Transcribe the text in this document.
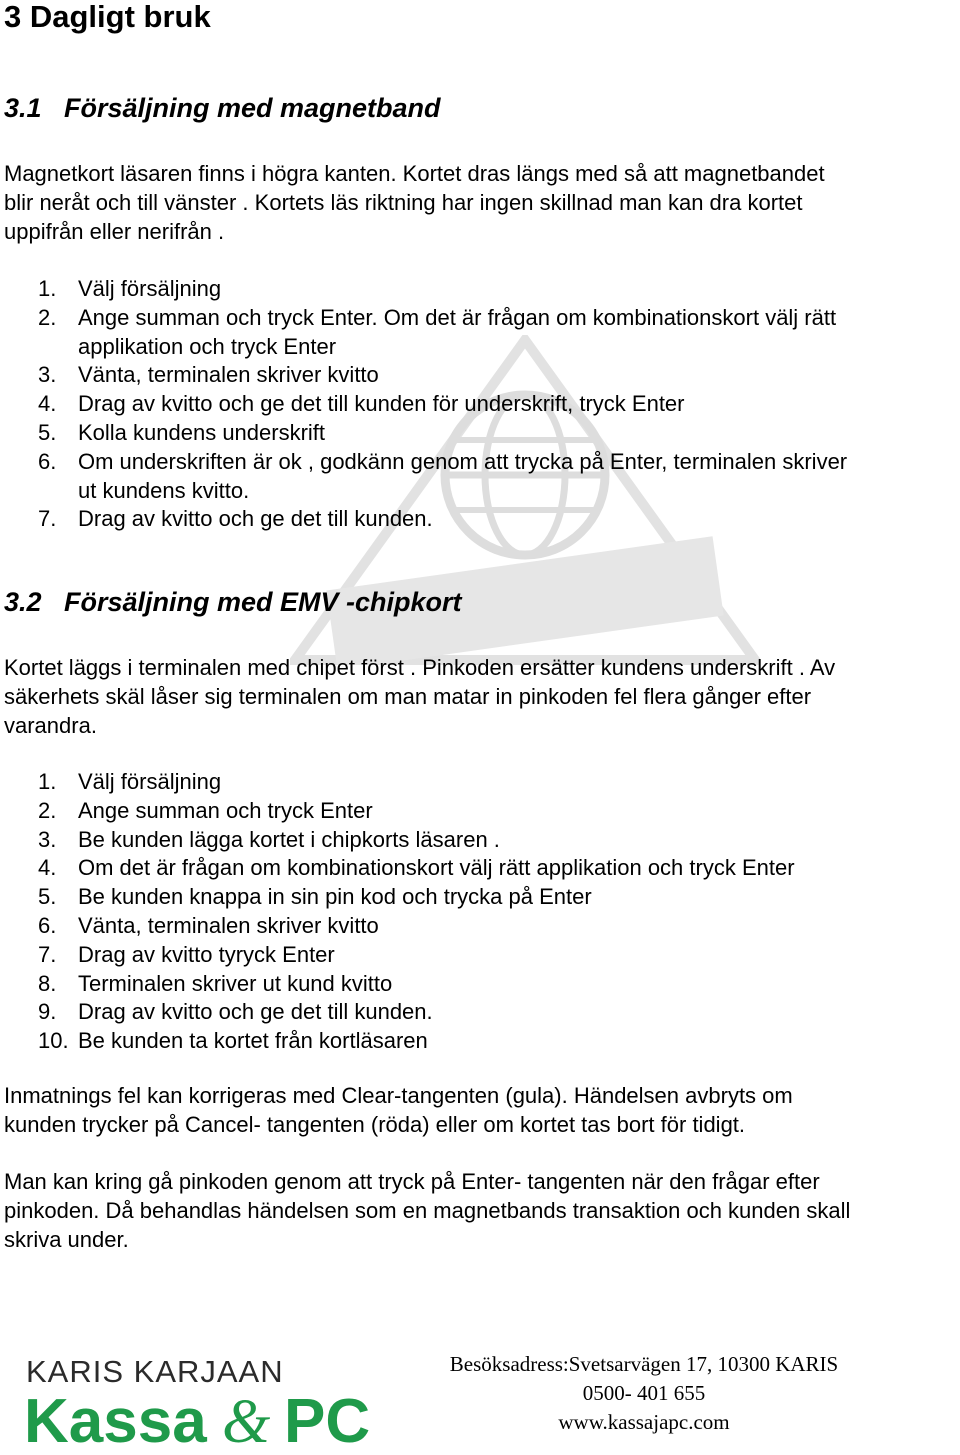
3 Dagligt bruk
3.1 Försäljning med magnetband

Magnetkort läsaren finns i högra kanten. Kortet dras längs med så att magnetbandet
blir neråt och till vänster . Kortets läs riktning har ingen skillnad man kan dra kortet
uppifrån eller nerifrån .

1. Välj försäljning
2. Ange summan och tryck Enter. Om det är frågan om kombinationskort välj rätt
applikation och tryck Enter
3. Vänta, terminalen skriver kvitto
4. Drag av kvitto och ge det till kunden för underskrift, tryck Enter
5. Kolla kundens underskrift
6. Om underskriften är ok , godkänn genom att trycka på Enter, terminalen skriver
ut kundens kvitto.
7. Drag av kvitto och ge det till kunden.
3.2 Försäljning med EMV -chipkort

Kortet läggs i terminalen med chipet först . Pinkoden ersätter kundens underskrift . Av
säkerhets skäl låser sig terminalen om man matar in pinkoden fel flera gånger efter
varandra.

1. Välj försäljning
2. Ange summan och tryck Enter
3. Be kunden lägga kortet i chipkorts läsaren .
4. Om det är frågan om kombinationskort välj rätt applikation och tryck Enter
5. Be kunden knappa in sin pin kod och trycka på Enter
6. Vänta, terminalen skriver kvitto
7. Drag av kvitto tyryck Enter
8. Terminalen skriver ut kund kvitto
9. Drag av kvitto och ge det till kunden.
10. Be kunden ta kortet från kortläsaren

Inmatnings fel kan korrigeras med Clear-tangenten (gula). Händelsen avbryts om
kunden trycker på Cancel- tangenten (röda) eller om kortet tas bort för tidigt.

Man kan kring gå pinkoden genom att tryck på Enter- tangenten när den frågar efter
pinkoden. Då behandlas händelsen som en magnetbands transaktion och kunden skall
skriva under.

KARIS KARJAAN
Kassa & PC
Besöksadress:Svetsarvägen 17, 10300 KARIS
0500- 401 655
www.kassajapc.com
